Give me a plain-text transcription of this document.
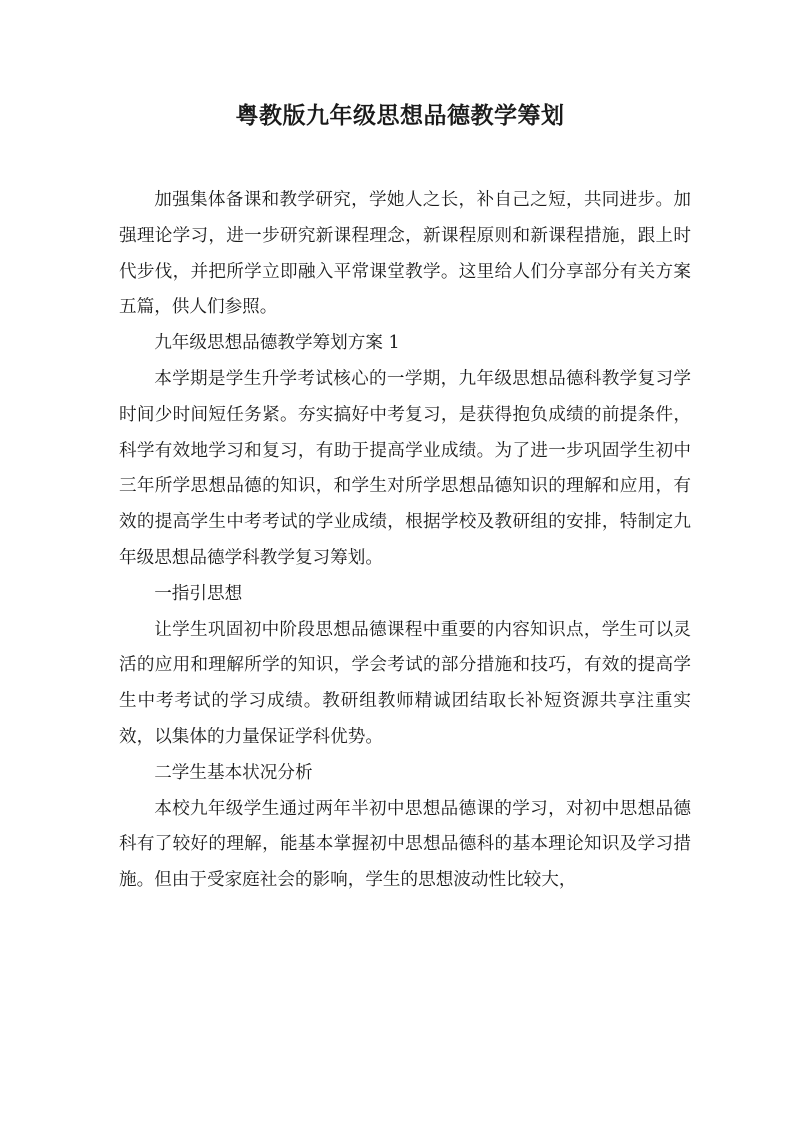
粤教版九年级思想品德教学筹划

加强集体备课和教学研究，学她人之长，补自己之短，共同进步。加强理论学习，进一步研究新课程理念，新课程原则和新课程措施，跟上时代步伐，并把所学立即融入平常课堂教学。这里给人们分享部分有关方案五篇，供人们参照。

九年级思想品德教学筹划方案 1

本学期是学生升学考试核心的一学期，九年级思想品德科教学复习学时间少时间短任务紧。夯实搞好中考复习，是获得抱负成绩的前提条件，科学有效地学习和复习，有助于提高学业成绩。为了进一步巩固学生初中三年所学思想品德的知识，和学生对所学思想品德知识的理解和应用，有效的提高学生中考考试的学业成绩，根据学校及教研组的安排，特制定九年级思想品德学科教学复习筹划。

一指引思想

让学生巩固初中阶段思想品德课程中重要的内容知识点，学生可以灵活的应用和理解所学的知识，学会考试的部分措施和技巧，有效的提高学生中考考试的学习成绩。教研组教师精诚团结取长补短资源共享注重实效，以集体的力量保证学科优势。

二学生基本状况分析

本校九年级学生通过两年半初中思想品德课的学习，对初中思想品德科有了较好的理解，能基本掌握初中思想品德科的基本理论知识及学习措施。但由于受家庭社会的影响，学生的思想波动性比较大，
